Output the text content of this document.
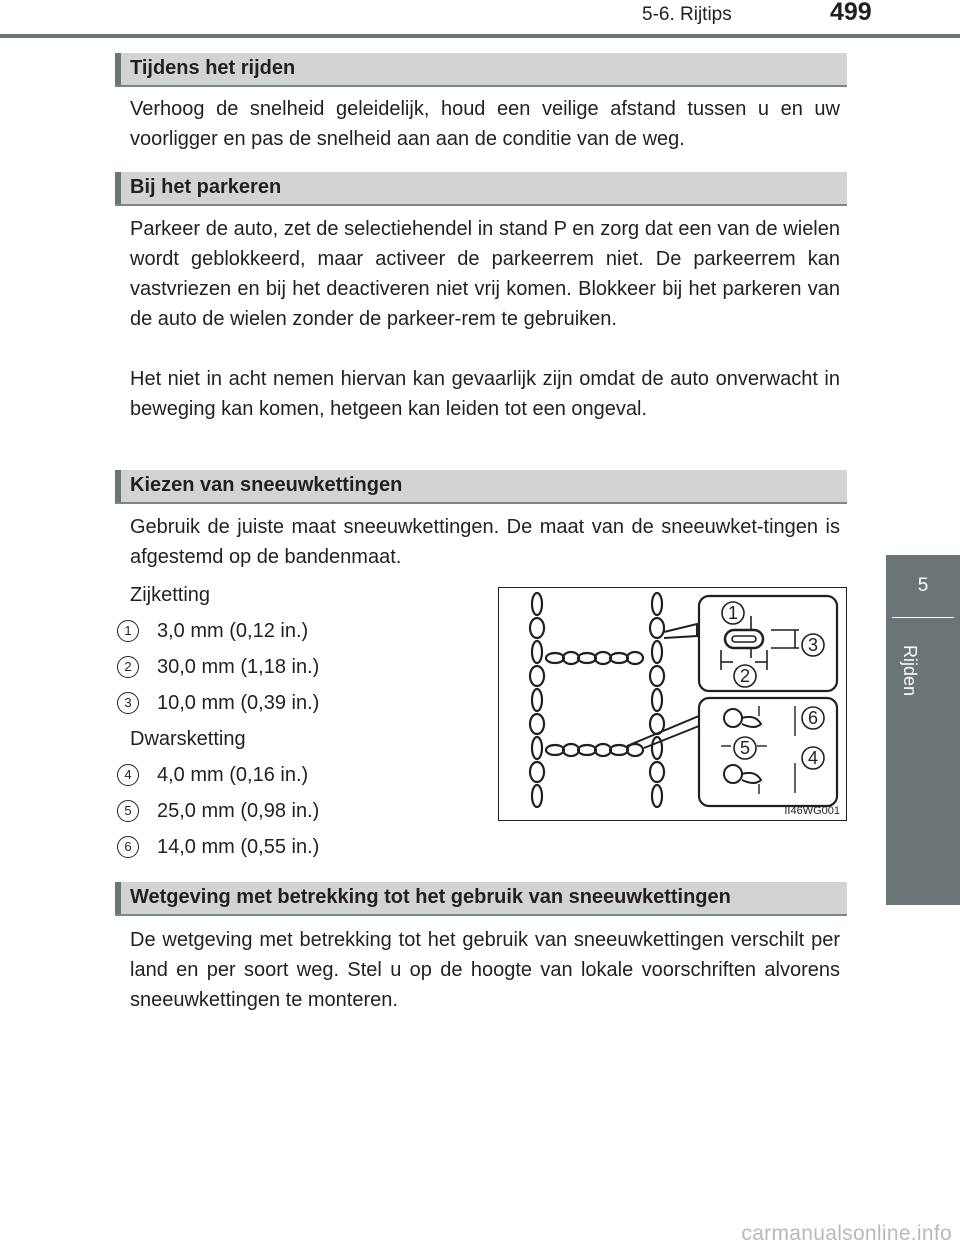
5-6. Rijtips	499
5
Rijden
Tijdens het rijden

Verhoog de snelheid geleidelijk, houd een veilige afstand tussen u en uw voorligger en pas de snelheid aan aan de conditie van de weg.

Bij het parkeren

Parkeer de auto, zet de selectiehendel in stand P en zorg dat een van de wielen wordt geblokkeerd, maar activeer de parkeerrem niet. De parkeerrem kan vastvriezen en bij het deactiveren niet vrij komen. Blokkeer bij het parkeren van de auto de wielen zonder de parkeer-rem te gebruiken.

Het niet in acht nemen hiervan kan gevaarlijk zijn omdat de auto onverwacht in beweging kan komen, hetgeen kan leiden tot een ongeval.

Kiezen van sneeuwkettingen

Gebruik de juiste maat sneeuwkettingen. De maat van de sneeuwket-tingen is afgestemd op de bandenmaat.

Zijketting
1	3,0 mm (0,12 in.)
2	30,0 mm (1,18 in.)
3	10,0 mm (0,39 in.)
Dwarsketting
4	4,0 mm (0,16 in.)
5	25,0 mm (0,98 in.)
6	14,0 mm (0,55 in.)
1
2
3
4
5
6
II46WG001
Wetgeving met betrekking tot het gebruik van sneeuwkettingen

De wetgeving met betrekking tot het gebruik van sneeuwkettingen verschilt per land en per soort weg. Stel u op de hoogte van lokale voorschriften alvorens sneeuwkettingen te monteren.

carmanualsonline.info
